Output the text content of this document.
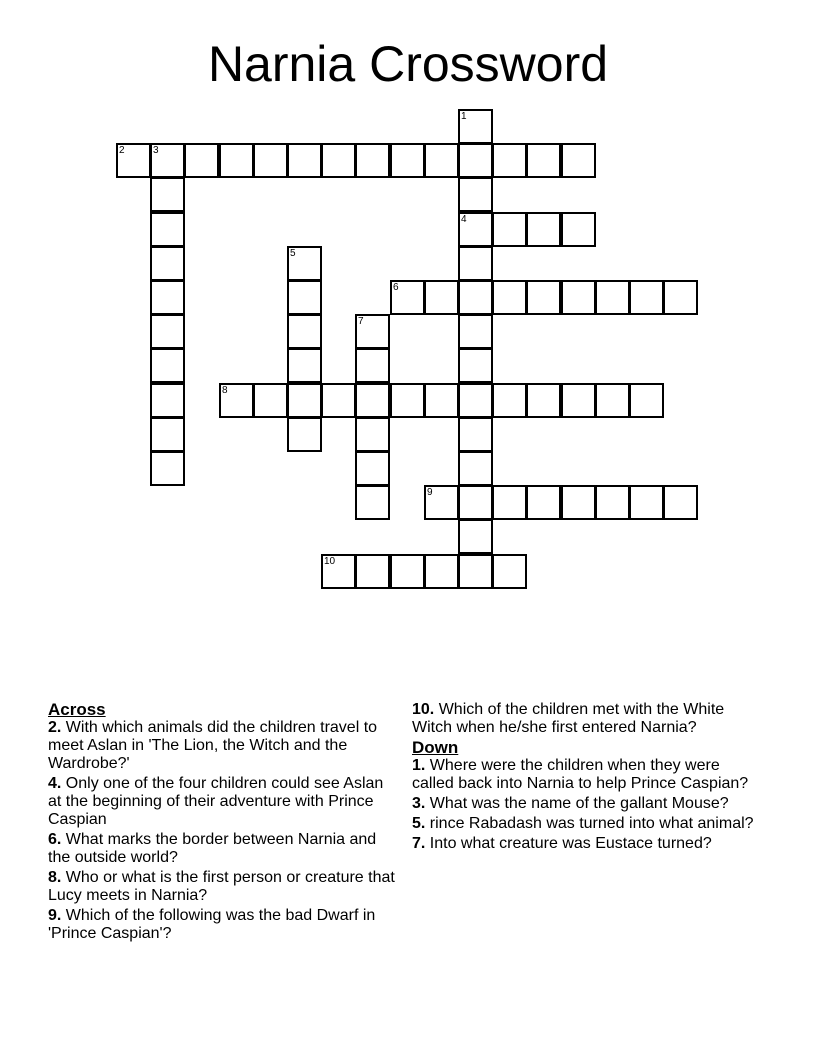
Narnia Crossword
1
4
2	3
5
6
7
8
9
10
Across
2. With which animals did the children travel to meet Aslan in 'The Lion, the Witch and the Wardrobe?'
4. Only one of the four children could see Aslan at the beginning of their adventure with Prince Caspian
6. What marks the border between Narnia and the outside world?
8. Who or what is the first person or creature that Lucy meets in Narnia?
9. Which of the following was the bad Dwarf in 'Prince Caspian'?
10. Which of the children met with the White Witch when he/she first entered Narnia?
Down
1. Where were the children when they were called back into Narnia to help Prince Caspian?
3. What was the name of the gallant Mouse?
5. rince Rabadash was turned into what animal?
7. Into what creature was Eustace turned?
